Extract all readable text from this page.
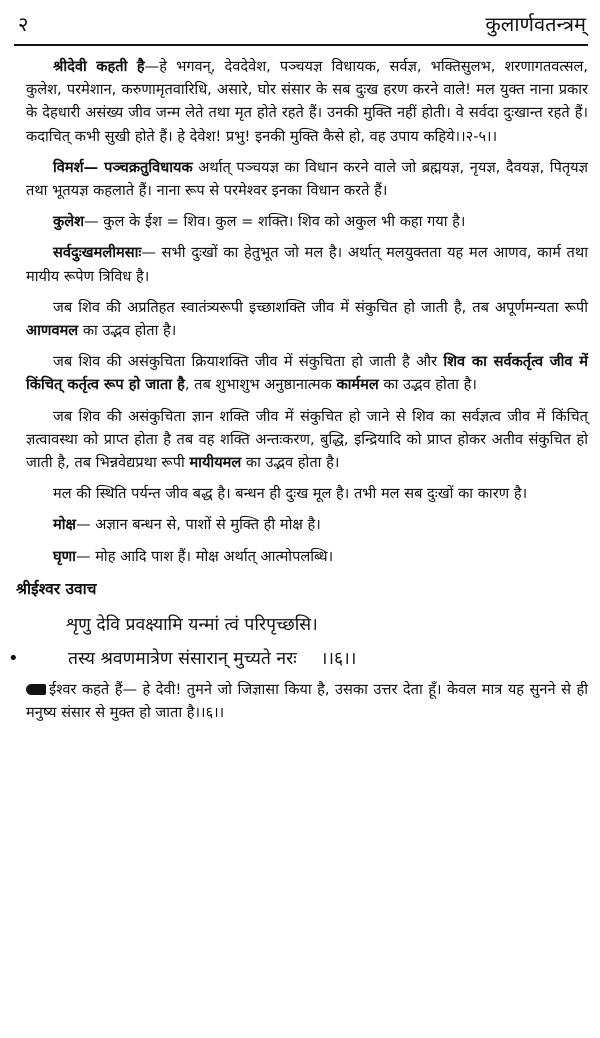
२	कुलार्णवतन्त्रम्

श्रीदेवी कहती है—हे भगवन्, देवदेवेश, पञ्चयज्ञ विधायक, सर्वज्ञ, भक्तिसुलभ, शरणागतवत्सल, कुलेश, परमेशान, करुणामृतवारिधि, असारे, घोर संसार के सब दुःख हरण करने वाले! मल युक्त नाना प्रकार के देहधारी असंख्य जीव जन्म लेते तथा मृत होते रहते हैं। उनकी मुक्ति नहीं होती। वे सर्वदा दुःखान्त रहते हैं। कदाचित् कभी सुखी होते हैं। हे देवेश! प्रभु! इनकी मुक्ति कैसे हो, वह उपाय कहिये।।२-५।।

विमर्श— पञ्चक्रतुविधायक अर्थात् पञ्चयज्ञ का विधान करने वाले जो ब्रह्मयज्ञ, नृयज्ञ, दैवयज्ञ, पितृयज्ञ तथा भूतयज्ञ कहलाते हैं। नाना रूप से परमेश्वर इनका विधान करते हैं।

कुलेश— कुल के ईश = शिव। कुल = शक्ति। शिव को अकुल भी कहा गया है।

सर्वदुःखमलीमसाः— सभी दुःखों का हेतुभूत जो मल है। अर्थात् मलयुक्तता यह मल आणव, कार्म तथा मायीय रूपेण त्रिविध है।

जब शिव की अप्रतिहत स्वातंत्र्यरूपी इच्छाशक्ति जीव में संकुचित हो जाती है, तब अपूर्णमन्यता रूपी आणवमल का उद्भव होता है।

जब शिव की असंकुचिता क्रियाशक्ति जीव में संकुचिता हो जाती है और शिव का सर्वकर्तृत्व जीव में किंचित् कर्तृत्व रूप हो जाता है, तब शुभाशुभ अनुष्ठानात्मक कार्ममल का उद्भव होता है।

जब शिव की असंकुचिता ज्ञान शक्ति जीव में संकुचित हो जाने से शिव का सर्वज्ञत्व जीव में किंचित् ज्ञत्वावस्था को प्राप्त होता है तब वह शक्ति अन्तःकरण, बुद्धि, इन्द्रियादि को प्राप्त होकर अतीव संकुचित हो जाती है, तब भिन्नवेद्यप्रथा रूपी मायीयमल का उद्भव होता है।

मल की स्थिति पर्यन्त जीव बद्ध है। बन्धन ही दुःख मूल है। तभी मल सब दुःखों का कारण है।

मोक्ष— अज्ञान बन्धन से, पाशों से मुक्ति ही मोक्ष है।

घृणा— मोह आदि पाश हैं। मोक्ष अर्थात् आत्मोपलब्धि।

श्रीईश्वर उवाच

शृणु देवि प्रवक्ष्यामि यन्मां त्वं परिपृच्छसि।

•	तस्य श्रवणमात्रेण संसारान् मुच्यते नरः ।।६।।

ईश्वर कहते हैं— हे देवी! तुमने जो जिज्ञासा किया है, उसका उत्तर देता हूँ। केवल मात्र यह सुनने से ही मनुष्य संसार से मुक्त हो जाता है।।६।।
